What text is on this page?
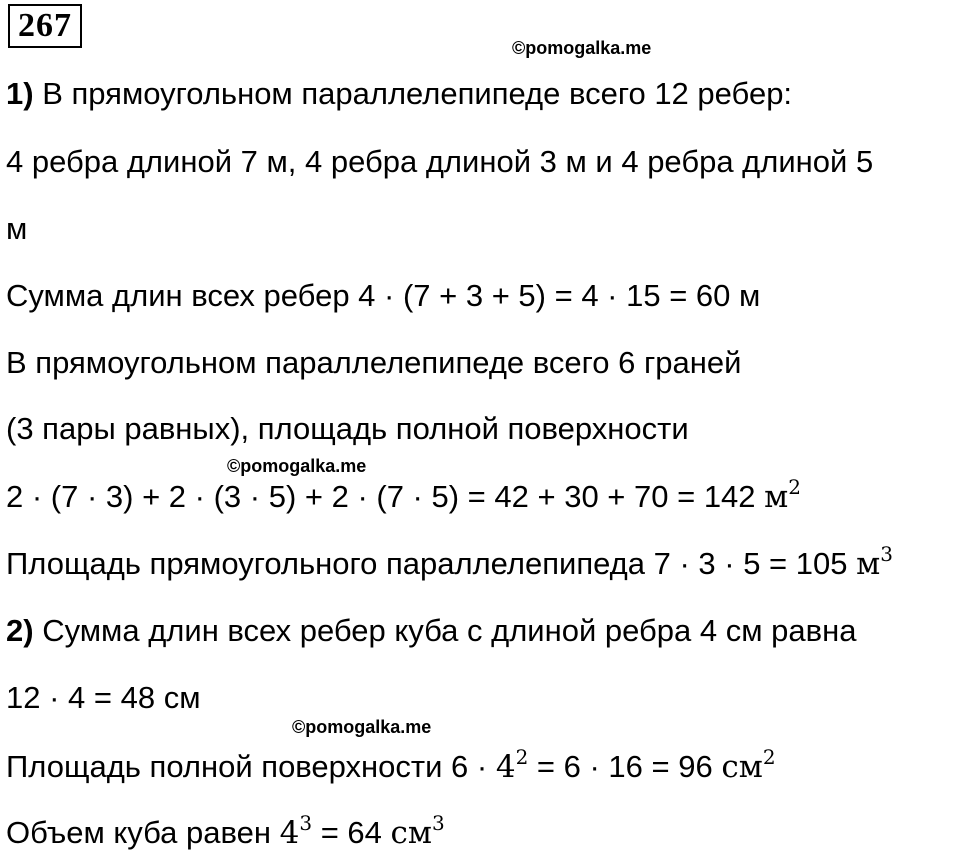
267
©pomogalka.me
©pomogalka.me
©pomogalka.me
1) В прямоугольном параллелепипеде всего 12 ребер:
4 ребра длиной 7 м, 4 ребра длиной 3 м и 4 ребра длиной 5
м
Сумма длин всех ребер 4 · (7 + 3 + 5) = 4 · 15 = 60 м
В прямоугольном параллелепипеде всего 6 граней
(3 пары равных), площадь полной поверхности
2 · (7 · 3) + 2 · (3 · 5) + 2 · (7 · 5) = 42 + 30 + 70 = 142 $м^2$
Площадь прямоугольного параллелепипеда 7 · 3 · 5 = 105 $м^3$
2) Сумма длин всех ребер куба с длиной ребра 4 см равна
12 · 4 = 48 см
Площадь полной поверхности $6 \cdot 4^2 = 6 \cdot 16 = 96$ $см^2$
Объем куба равен $4^3 = 64$ $см^3$
